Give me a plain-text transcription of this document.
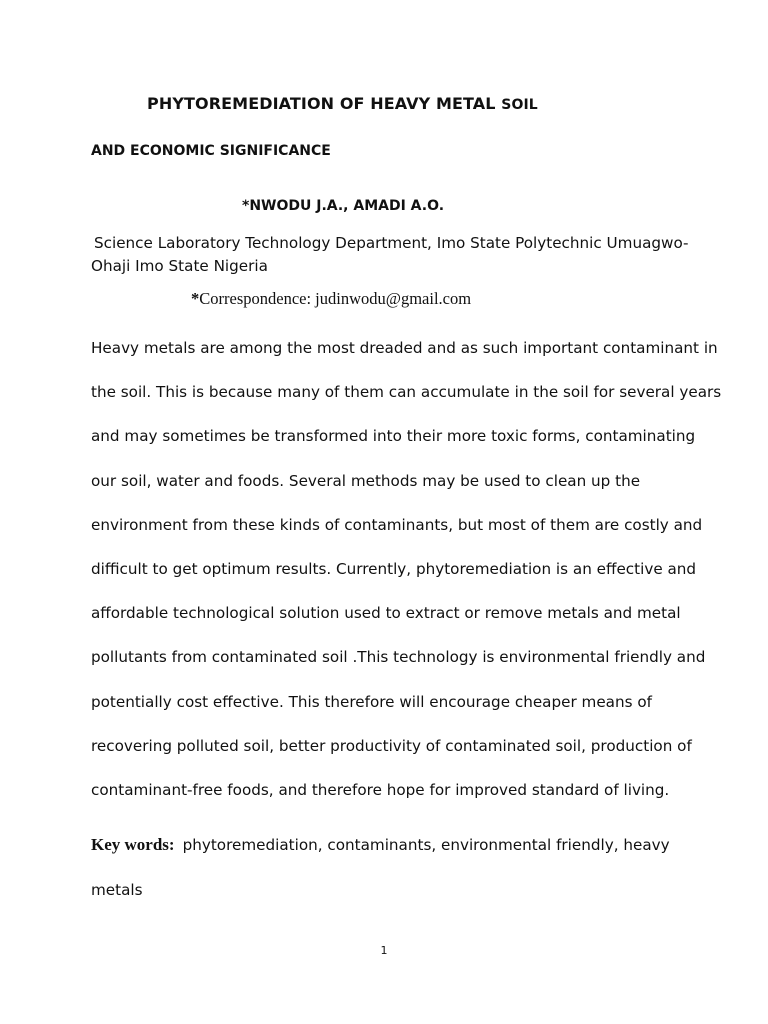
PHYTOREMEDIATION OF HEAVY METAL SOIL
AND ECONOMIC SIGNIFICANCE
*NWODU J.A., AMADI A.O.
Science Laboratory Technology Department, Imo State Polytechnic Umuagwo-Ohaji Imo State Nigeria
*Correspondence: judinwodu@gmail.com
Heavy metals are among the most dreaded and as such important contaminant in
the soil. This is because many of them can accumulate in the soil for several years
and may sometimes be transformed into their more toxic forms, contaminating
our soil, water and foods. Several methods may be used to clean up the
environment from these kinds of contaminants, but most of them are costly and
difficult to get optimum results. Currently, phytoremediation is an effective and
affordable technological solution used to extract or remove metals and metal
pollutants from contaminated soil .This technology is environmental friendly and
potentially cost effective. This therefore will encourage cheaper means of
recovering polluted soil, better productivity of contaminated soil, production of
contaminant-free foods, and therefore hope for improved standard of living.
Key words: phytoremediation, contaminants, environmental friendly, heavy
metals
1
